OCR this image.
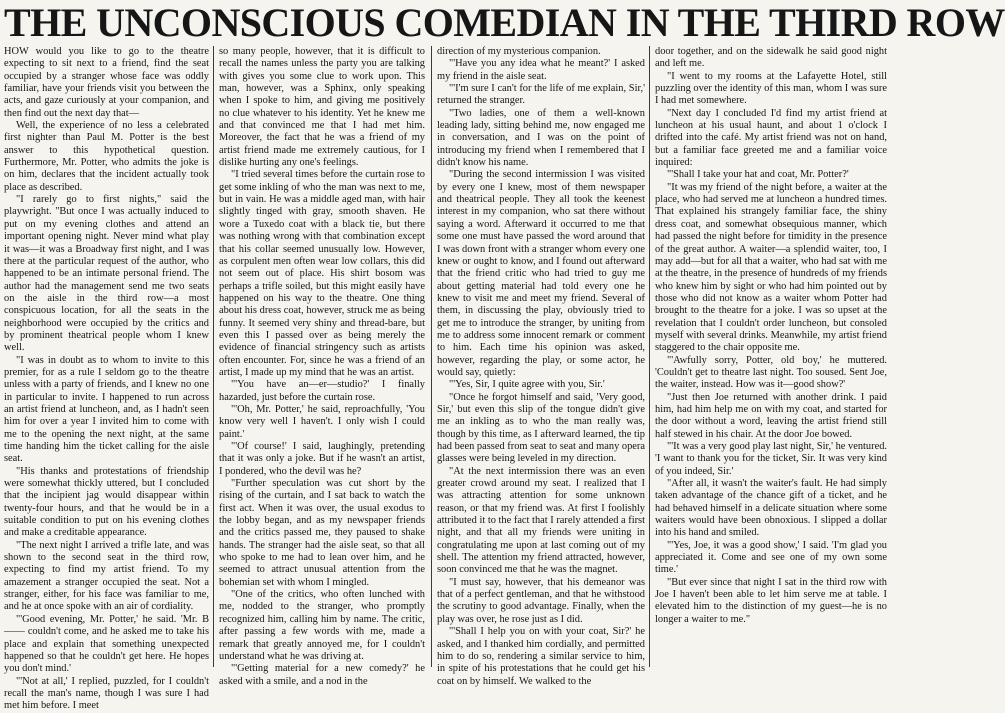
THE UNCONSCIOUS COMEDIAN IN THE THIRD ROW

HOW would you like to go to the theatre expecting to sit next to a friend, find the seat occupied by a stranger whose face was oddly familiar, have your friends visit you between the acts, and gaze curiously at your companion, and then find out the next day that—

Well, the experience of no less a celebrated first nighter than Paul M. Potter is the best answer to this hypothetical question. Furthermore, Mr. Potter, who admits the joke is on him, declares that the incident actually took place as described.

"I rarely go to first nights," said the playwright. "But once I was actually induced to put on my evening clothes and attend an important opening night. Never mind what play it was—it was a Broadway first night, and I was there at the particular request of the author, who happened to be an intimate personal friend. The author had the management send me two seats on the aisle in the third row—a most conspicuous location, for all the seats in the neighborhood were occupied by the critics and by prominent theatrical people whom I knew well.

"I was in doubt as to whom to invite to this premier, for as a rule I seldom go to the theatre unless with a party of friends, and I knew no one in particular to invite. I happened to run across an artist friend at luncheon, and, as I hadn't seen him for over a year I invited him to come with me to the opening the next night, at the same time handing him the ticket calling for the aisle seat.

"His thanks and protestations of friendship were somewhat thickly uttered, but I concluded that the incipient jag would disappear within twenty-four hours, and that he would be in a suitable condition to put on his evening clothes and make a creditable appearance.

"The next night I arrived a trifle late, and was shown to the second seat in the third row, expecting to find my artist friend. To my amazement a stranger occupied the seat. Not a stranger, either, for his face was familiar to me, and he at once spoke with an air of cordiality.

"'Good evening, Mr. Potter,' he said. 'Mr. B—— couldn't come, and he asked me to take his place and explain that something unexpected happened so that he couldn't get here. He hopes you don't mind.'

"'Not at all,' I replied, puzzled, for I couldn't recall the man's name, though I was sure I had met him before. I meet

so many people, however, that it is difficult to recall the names unless the party you are talking with gives you some clue to work upon. This man, however, was a Sphinx, only speaking when I spoke to him, and giving me positively no clue whatever to his identity. Yet he knew me and that convinced me that I had met him. Moreover, the fact that he was a friend of my artist friend made me extremely cautious, for I dislike hurting any one's feelings.

"I tried several times before the curtain rose to get some inkling of who the man was next to me, but in vain. He was a middle aged man, with hair slightly tinged with gray, smooth shaven. He wore a Tuxedo coat with a black tie, but there was nothing wrong with that combination except that his collar seemed unusually low. However, as corpulent men often wear low collars, this did not seem out of place. His shirt bosom was perhaps a trifle soiled, but this might easily have happened on his way to the theatre. One thing about his dress coat, however, struck me as being funny. It seemed very shiny and thread-bare, but even this I passed over as being merely the evidence of financial stringency such as artists often encounter. For, since he was a friend of an artist, I made up my mind that he was an artist.

"'You have an—er—studio?' I finally hazarded, just before the curtain rose.

"'Oh, Mr. Potter,' he said, reproachfully, 'You know very well I haven't. I only wish I could paint.'

"'Of course!' I said, laughingly, pretending that it was only a joke. But if he wasn't an artist, I pondered, who the devil was he?

"Further speculation was cut short by the rising of the curtain, and I sat back to watch the first act. When it was over, the usual exodus to the lobby began, and as my newspaper friends and the critics passed me, they paused to shake hands. The stranger had the aisle seat, so that all who spoke to me had to lean over him, and he seemed to attract unusual attention from the bohemian set with whom I mingled.

"One of the critics, who often lunched with me, nodded to the stranger, who promptly recognized him, calling him by name. The critic, after passing a few words with me, made a remark that greatly annoyed me, for I couldn't understand what he was driving at.

"'Getting material for a new comedy?' he asked with a smile, and a nod in the

direction of my mysterious companion.

"'Have you any idea what he meant?' I asked my friend in the aisle seat.

"'I'm sure I can't for the life of me explain, Sir,' returned the stranger.

"Two ladies, one of them a well-known leading lady, sitting behind me, now engaged me in conversation, and I was on the point of introducing my friend when I remembered that I didn't know his name.

"During the second intermission I was visited by every one I knew, most of them newspaper and theatrical people. They all took the keenest interest in my companion, who sat there without saying a word. Afterward it occurred to me that some one must have passed the word around that I was down front with a stranger whom every one knew or ought to know, and I found out afterward that the friend critic who had tried to guy me about getting material had told every one he knew to visit me and meet my friend. Several of them, in discussing the play, obviously tried to get me to introduce the stranger, by uniting from me to address some innocent remark or comment to him. Each time his opinion was asked, however, regarding the play, or some actor, he would say, quietly:

"'Yes, Sir, I quite agree with you, Sir.'

"Once he forgot himself and said, 'Very good, Sir,' but even this slip of the tongue didn't give me an inkling as to who the man really was, though by this time, as I afterward learned, the tip had been passed from seat to seat and many opera glasses were being leveled in my direction.

"At the next intermission there was an even greater crowd around my seat. I realized that I was attracting attention for some unknown reason, or that my friend was. At first I foolishly attributed it to the fact that I rarely attended a first night, and that all my friends were uniting in congratulating me upon at last coming out of my shell. The attention my friend attracted, however, soon convinced me that he was the magnet.

"I must say, however, that his demeanor was that of a perfect gentleman, and that he withstood the scrutiny to good advantage. Finally, when the play was over, he rose just as I did.

"'Shall I help you on with your coat, Sir?' he asked, and I thanked him cordially, and permitted him to do so, rendering a similar service to him, in spite of his protestations that he could get his coat on by himself. We walked to the

door together, and on the sidewalk he said good night and left me.

"I went to my rooms at the Lafayette Hotel, still puzzling over the identity of this man, whom I was sure I had met somewhere.

"Next day I concluded I'd find my artist friend at luncheon at his usual haunt, and about 1 o'clock I drifted into the café. My artist friend was not on hand, but a familiar face greeted me and a familiar voice inquired:

"'Shall I take your hat and coat, Mr. Potter?'

"It was my friend of the night before, a waiter at the place, who had served me at luncheon a hundred times. That explained his strangely familiar face, the shiny dress coat, and somewhat obsequious manner, which had passed the night before for timidity in the presence of the great author. A waiter—a splendid waiter, too, I may add—but for all that a waiter, who had sat with me at the theatre, in the presence of hundreds of my friends who knew him by sight or who had him pointed out by those who did not know as a waiter whom Potter had brought to the theatre for a joke. I was so upset at the revelation that I couldn't order luncheon, but consoled myself with several drinks. Meanwhile, my artist friend staggered to the chair opposite me.

"'Awfully sorry, Potter, old boy,' he muttered. 'Couldn't get to theatre last night. Too soused. Sent Joe, the waiter, instead. How was it—good show?'

"Just then Joe returned with another drink. I paid him, had him help me on with my coat, and started for the door without a word, leaving the artist friend still half stewed in his chair. At the door Joe bowed.

"'It was a very good play last night, Sir,' he ventured. 'I want to thank you for the ticket, Sir. It was very kind of you indeed, Sir.'

"After all, it wasn't the waiter's fault. He had simply taken advantage of the chance gift of a ticket, and he had behaved himself in a delicate situation where some waiters would have been obnoxious. I slipped a dollar into his hand and smiled.

"'Yes, Joe, it was a good show,' I said. 'I'm glad you appreciated it. Come and see one of my own some time.'

"But ever since that night I sat in the third row with Joe I haven't been able to let him serve me at table. I elevated him to the distinction of my guest—he is no longer a waiter to me."
